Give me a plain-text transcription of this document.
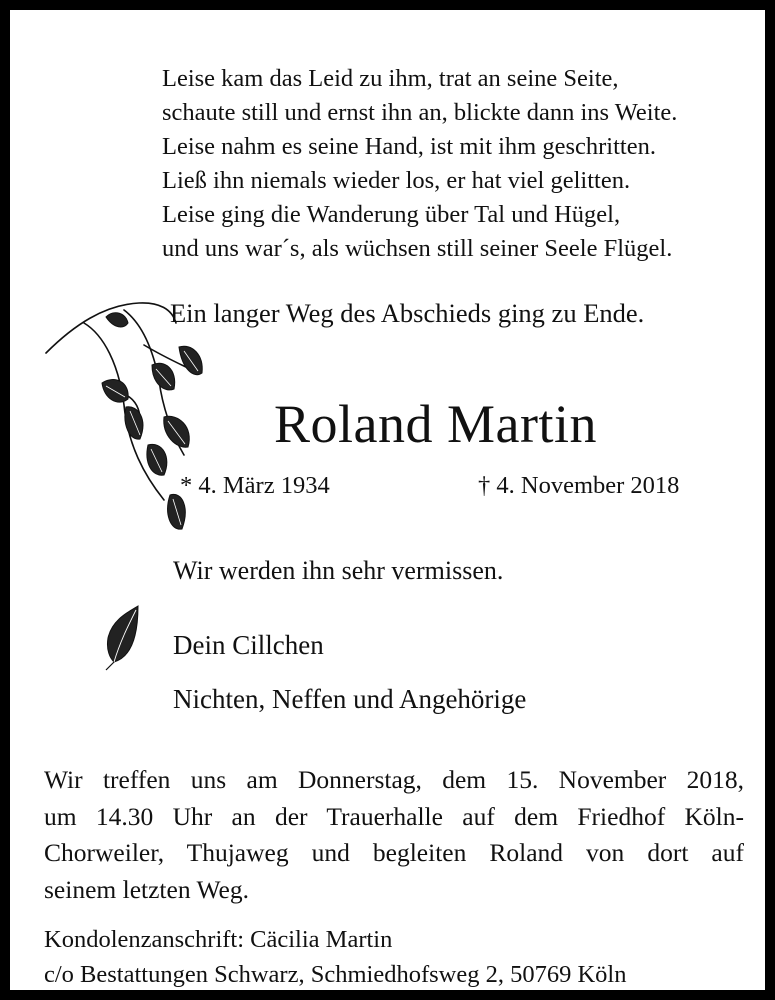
Leise kam das Leid zu ihm, trat an seine Seite,
schaute still und ernst ihn an, blickte dann ins Weite.
Leise nahm es seine Hand, ist mit ihm geschritten.
Ließ ihn niemals wieder los, er hat viel gelitten.
Leise ging die Wanderung über Tal und Hügel,
und uns war´s, als wüchsen still seiner Seele Flügel.
Ein langer Weg des Abschieds ging zu Ende.
Roland Martin
* 4. März 1934	† 4. November 2018
Wir werden ihn sehr vermissen.
Dein Cillchen
Nichten, Neffen und Angehörige
Wir treffen uns am Donnerstag, dem 15. November 2018,
um 14.30 Uhr an der Trauerhalle auf dem Friedhof Köln-
Chorweiler, Thujaweg und begleiten Roland von dort auf
seinem letzten Weg.
Kondolenzanschrift: Cäcilia Martin
c/o Bestattungen Schwarz, Schmiedhofsweg 2, 50769 Köln
